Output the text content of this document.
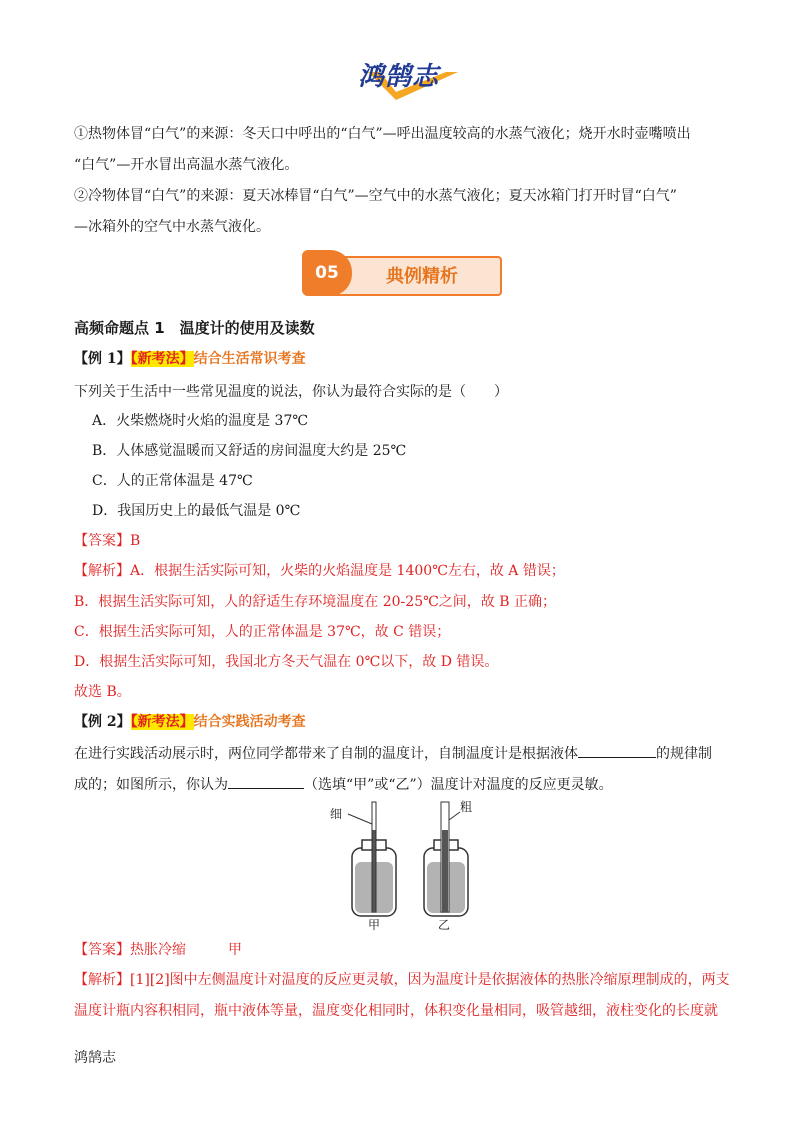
鸿鹄志
①热物体冒“白气”的来源：冬天口中呼出的“白气”—呼出温度较高的水蒸气液化；烧开水时壶嘴喷出
“白气”—开水冒出高温水蒸气液化。
②冷物体冒“白气”的来源：夏天冰棒冒“白气”—空气中的水蒸气液化；夏天冰箱门打开时冒“白气”
—冰箱外的空气中水蒸气液化。
05	典例精析
高频命题点 1　温度计的使用及读数
【例 1】【新考法】结合生活常识考查
下列关于生活中一些常见温度的说法，你认为最符合实际的是（　　）
A．火柴燃烧时火焰的温度是 37℃
B．人体感觉温暖而又舒适的房间温度大约是 25℃
C．人的正常体温是 47℃
D．我国历史上的最低气温是 0℃
【答案】B
【解析】A．根据生活实际可知，火柴的火焰温度是 1400℃左右，故 A 错误；
B．根据生活实际可知，人的舒适生存环境温度在 20-25℃之间，故 B 正确；
C．根据生活实际可知，人的正常体温是 37℃，故 C 错误；
D．根据生活实际可知，我国北方冬天气温在 0℃以下，故 D 错误。
故选 B。
【例 2】【新考法】结合实践活动考查
在进行实践活动展示时，两位同学都带来了自制的温度计，自制温度计是根据液体	的规律制
成的；如图所示，你认为	（选填“甲”或“乙”）温度计对温度的反应更灵敏。
细	粗
甲	乙
【答案】热胀冷缩　　　甲
【解析】[1][2]图中左侧温度计对温度的反应更灵敏，因为温度计是依据液体的热胀冷缩原理制成的，两支
温度计瓶内容积相同，瓶中液体等量，温度变化相同时，体积变化量相同，吸管越细，液柱变化的长度就
鸿鹄志
